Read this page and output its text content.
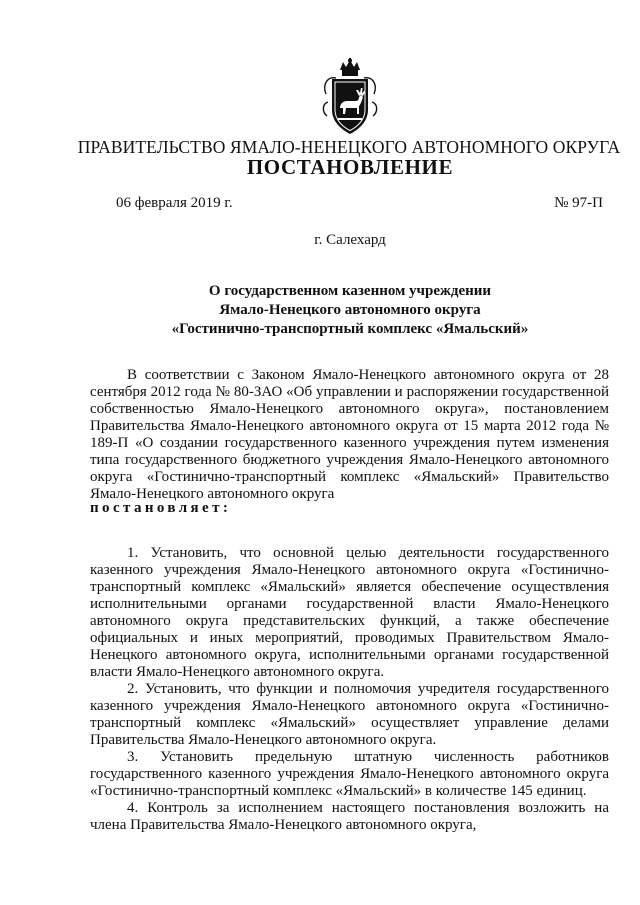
ПРАВИТЕЛЬСТВО ЯМАЛО-НЕНЕЦКОГО АВТОНОМНОГО ОКРУГА
ПОСТАНОВЛЕНИЕ
06 февраля 2019 г.	№ 97-П
г. Салехард
О государственном казенном учреждении
Ямало-Ненецкого автономного округа
«Гостинично-транспортный комплекс «Ямальский»

В соответствии с Законом Ямало-Ненецкого автономного округа от 28 сентября 2012 года № 80-ЗАО «Об управлении и распоряжении государственной собственностью Ямало-Ненецкого автономного округа», постановлением Правительства Ямало-Ненецкого автономного округа от 15 марта 2012 года № 189-П «О создании государственного казенного учреждения путем изменения типа государственного бюджетного учреждения Ямало-Ненецкого автономного округа «Гостинично-транспортный комплекс «Ямальский» Правительство Ямало-Ненецкого автономного округа

постановляет:

1. Установить, что основной целью деятельности государственного казенного учреждения Ямало-Ненецкого автономного округа «Гостинично-транспортный комплекс «Ямальский» является обеспечение осуществления исполнительными органами государственной власти Ямало-Ненецкого автономного округа представительских функций, а также обеспечение официальных и иных мероприятий, проводимых Правительством Ямало-Ненецкого автономного округа, исполнительными органами государственной власти Ямало-Ненецкого автономного округа.

2. Установить, что функции и полномочия учредителя государственного казенного учреждения Ямало-Ненецкого автономного округа «Гостинично-транспортный комплекс «Ямальский» осуществляет управление делами Правительства Ямало-Ненецкого автономного округа.

3. Установить предельную штатную численность работников государственного казенного учреждения Ямало-Ненецкого автономного округа «Гостинично-транспортный комплекс «Ямальский» в количестве 145 единиц.

4. Контроль за исполнением настоящего постановления возложить на члена Правительства Ямало-Ненецкого автономного округа,
